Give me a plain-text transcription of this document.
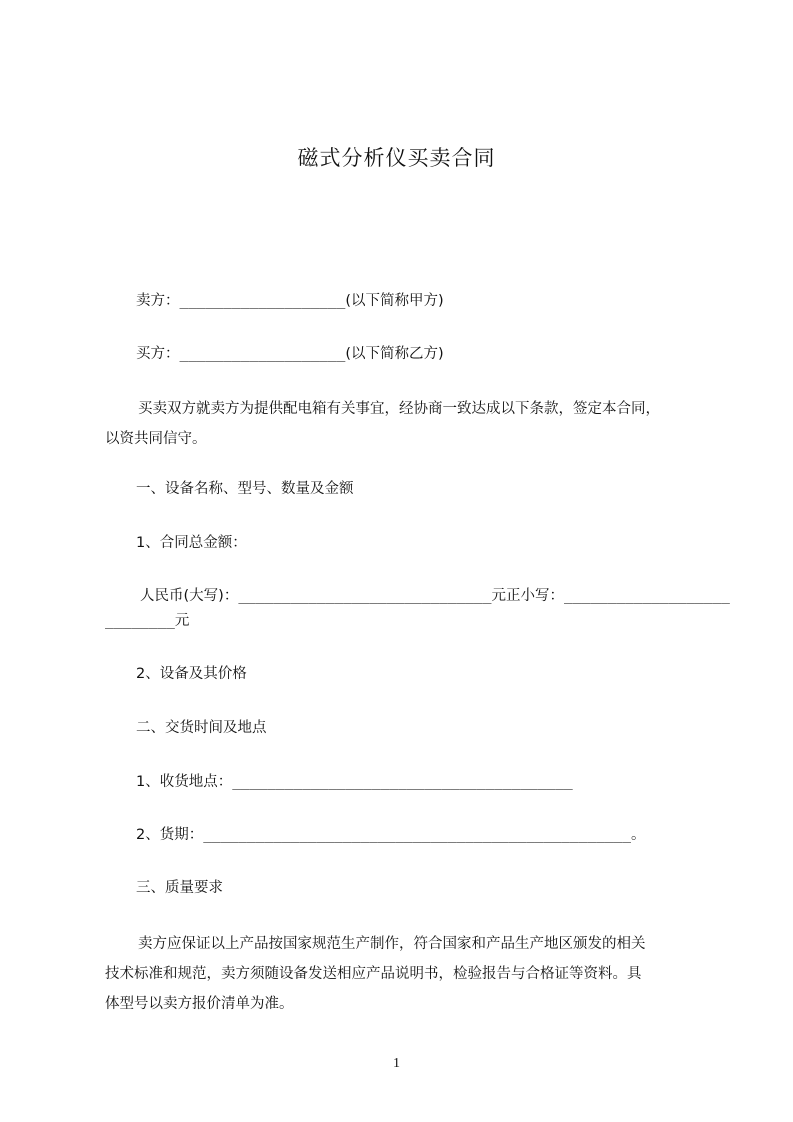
磁式分析仪买卖合同
卖方：___________________(以下简称甲方)
买方：___________________(以下简称乙方)
买卖双方就卖方为提供配电箱有关事宜，经协商一致达成以下条款，签定本合同，
以资共同信守。
一、设备名称、型号、数量及金额
1、合同总金额：
人民币(大写)：_____________________________元正小写：___________________
________元
2、设备及其价格
二、交货时间及地点
1、收货地点：_______________________________________
2、货期：_________________________________________________。
三、质量要求
卖方应保证以上产品按国家规范生产制作，符合国家和产品生产地区颁发的相关
技术标准和规范，卖方须随设备发送相应产品说明书，检验报告与合格证等资料。具
体型号以卖方报价清单为准。
1
